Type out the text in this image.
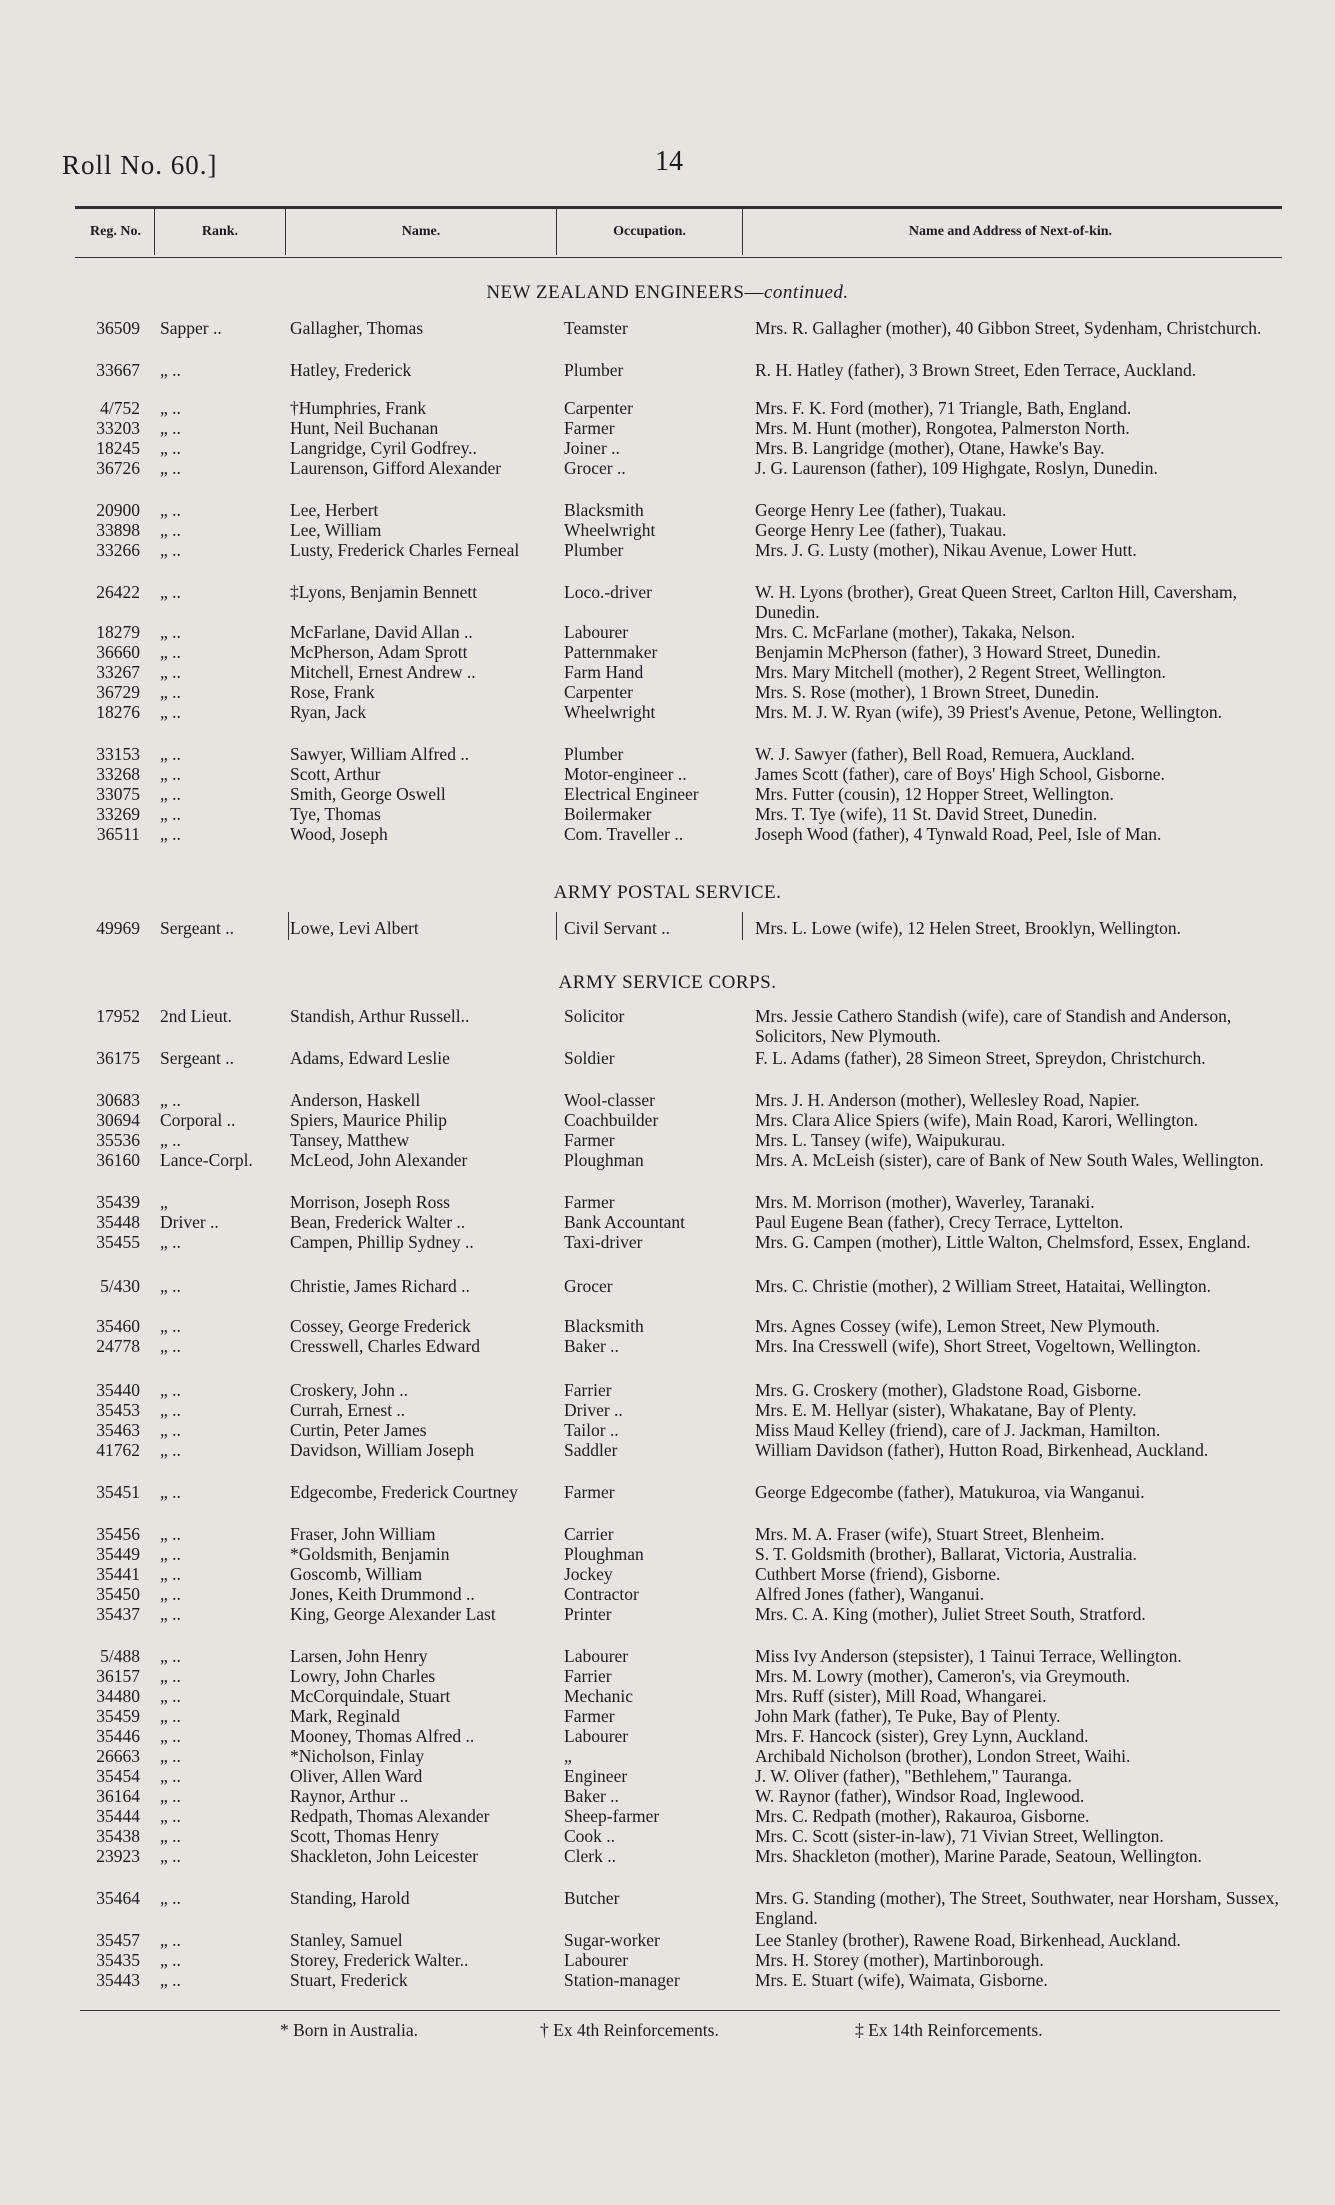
Roll No. 60.]	14
Reg. No.	Rank.	Name.	Occupation.	Name and Address of Next-of-kin.
NEW ZEALAND ENGINEERS—continued.
ARMY POSTAL SERVICE.
ARMY SERVICE CORPS.
36509 Sapper ..	Gallagher, Thomas	Teamster	Mrs. R. Gallagher (mother), 40 Gibbon Street, Sydenham, Christchurch.
33667 „ ..	Hatley, Frederick	Plumber	R. H. Hatley (father), 3 Brown Street, Eden Terrace, Auckland.
4/752 „ ..	†Humphries, Frank	Carpenter	Mrs. F. K. Ford (mother), 71 Triangle, Bath, England.
33203 „ ..	Hunt, Neil Buchanan	Farmer	Mrs. M. Hunt (mother), Rongotea, Palmerston North.
18245 „ ..	Langridge, Cyril Godfrey..	Joiner ..	Mrs. B. Langridge (mother), Otane, Hawke's Bay.
36726 „ ..	Laurenson, Gifford Alexander	Grocer ..	J. G. Laurenson (father), 109 Highgate, Roslyn, Dunedin.
20900 „ ..	Lee, Herbert	Blacksmith	George Henry Lee (father), Tuakau.
33898 „ ..	Lee, William	Wheelwright	George Henry Lee (father), Tuakau.
33266 „ ..	Lusty, Frederick Charles Ferneal	Plumber	Mrs. J. G. Lusty (mother), Nikau Avenue, Lower Hutt.
26422 „ ..	‡Lyons, Benjamin Bennett	Loco.-driver	W. H. Lyons (brother), Great Queen Street, Carlton Hill, Caversham, Dunedin.
18279 „ ..	McFarlane, David Allan ..	Labourer	Mrs. C. McFarlane (mother), Takaka, Nelson.
36660 „ ..	McPherson, Adam Sprott	Patternmaker	Benjamin McPherson (father), 3 Howard Street, Dunedin.
33267 „ ..	Mitchell, Ernest Andrew ..	Farm Hand	Mrs. Mary Mitchell (mother), 2 Regent Street, Wellington.
36729 „ ..	Rose, Frank	Carpenter	Mrs. S. Rose (mother), 1 Brown Street, Dunedin.
18276 „ ..	Ryan, Jack	Wheelwright	Mrs. M. J. W. Ryan (wife), 39 Priest's Avenue, Petone, Wellington.
33153 „ ..	Sawyer, William Alfred ..	Plumber	W. J. Sawyer (father), Bell Road, Remuera, Auckland.
33268 „ ..	Scott, Arthur	Motor-engineer ..	James Scott (father), care of Boys' High School, Gisborne.
33075 „ ..	Smith, George Oswell	Electrical Engineer	Mrs. Futter (cousin), 12 Hopper Street, Wellington.
33269 „ ..	Tye, Thomas	Boilermaker	Mrs. T. Tye (wife), 11 St. David Street, Dunedin.
36511 „ ..	Wood, Joseph	Com. Traveller ..	Joseph Wood (father), 4 Tynwald Road, Peel, Isle of Man.
49969 Sergeant ..	Lowe, Levi Albert	Civil Servant ..	Mrs. L. Lowe (wife), 12 Helen Street, Brooklyn, Wellington.
17952 2nd Lieut.	Standish, Arthur Russell..	Solicitor	Mrs. Jessie Cathero Standish (wife), care of Standish and Anderson, Solicitors, New Plymouth.
36175 Sergeant ..	Adams, Edward Leslie	Soldier	F. L. Adams (father), 28 Simeon Street, Spreydon, Christchurch.
30683 „ ..	Anderson, Haskell	Wool-classer	Mrs. J. H. Anderson (mother), Wellesley Road, Napier.
30694 Corporal ..	Spiers, Maurice Philip	Coachbuilder	Mrs. Clara Alice Spiers (wife), Main Road, Karori, Wellington.
35536 „ ..	Tansey, Matthew	Farmer	Mrs. L. Tansey (wife), Waipukurau.
36160 Lance-Corpl.	McLeod, John Alexander	Ploughman	Mrs. A. McLeish (sister), care of Bank of New South Wales, Wellington.
35439 „	Morrison, Joseph Ross	Farmer	Mrs. M. Morrison (mother), Waverley, Taranaki.
35448 Driver ..	Bean, Frederick Walter ..	Bank Accountant	Paul Eugene Bean (father), Crecy Terrace, Lyttelton.
35455 „ ..	Campen, Phillip Sydney ..	Taxi-driver	Mrs. G. Campen (mother), Little Walton, Chelmsford, Essex, England.
5/430 „ ..	Christie, James Richard ..	Grocer	Mrs. C. Christie (mother), 2 William Street, Hataitai, Wellington.
35460 „ ..	Cossey, George Frederick	Blacksmith	Mrs. Agnes Cossey (wife), Lemon Street, New Plymouth.
24778 „ ..	Cresswell, Charles Edward	Baker ..	Mrs. Ina Cresswell (wife), Short Street, Vogeltown, Wellington.
35440 „ ..	Croskery, John ..	Farrier	Mrs. G. Croskery (mother), Gladstone Road, Gisborne.
35453 „ ..	Currah, Ernest ..	Driver ..	Mrs. E. M. Hellyar (sister), Whakatane, Bay of Plenty.
35463 „ ..	Curtin, Peter James	Tailor ..	Miss Maud Kelley (friend), care of J. Jackman, Hamilton.
41762 „ ..	Davidson, William Joseph	Saddler	William Davidson (father), Hutton Road, Birkenhead, Auckland.
35451 „ ..	Edgecombe, Frederick Courtney	Farmer	George Edgecombe (father), Matukuroa, via Wanganui.
35456 „ ..	Fraser, John William	Carrier	Mrs. M. A. Fraser (wife), Stuart Street, Blenheim.
35449 „ ..	*Goldsmith, Benjamin	Ploughman	S. T. Goldsmith (brother), Ballarat, Victoria, Australia.
35441 „ ..	Goscomb, William	Jockey	Cuthbert Morse (friend), Gisborne.
35450 „ ..	Jones, Keith Drummond ..	Contractor	Alfred Jones (father), Wanganui.
35437 „ ..	King, George Alexander Last	Printer	Mrs. C. A. King (mother), Juliet Street South, Stratford.
5/488 „ ..	Larsen, John Henry	Labourer	Miss Ivy Anderson (stepsister), 1 Tainui Terrace, Wellington.
36157 „ ..	Lowry, John Charles	Farrier	Mrs. M. Lowry (mother), Cameron's, via Greymouth.
34480 „ ..	McCorquindale, Stuart	Mechanic	Mrs. Ruff (sister), Mill Road, Whangarei.
35459 „ ..	Mark, Reginald	Farmer	John Mark (father), Te Puke, Bay of Plenty.
35446 „ ..	Mooney, Thomas Alfred ..	Labourer	Mrs. F. Hancock (sister), Grey Lynn, Auckland.
26663 „ ..	*Nicholson, Finlay	„	Archibald Nicholson (brother), London Street, Waihi.
35454 „ ..	Oliver, Allen Ward	Engineer	J. W. Oliver (father), "Bethlehem," Tauranga.
36164 „ ..	Raynor, Arthur ..	Baker ..	W. Raynor (father), Windsor Road, Inglewood.
35444 „ ..	Redpath, Thomas Alexander	Sheep-farmer	Mrs. C. Redpath (mother), Rakauroa, Gisborne.
35438 „ ..	Scott, Thomas Henry	Cook ..	Mrs. C. Scott (sister-in-law), 71 Vivian Street, Wellington.
23923 „ ..	Shackleton, John Leicester	Clerk ..	Mrs. Shackleton (mother), Marine Parade, Seatoun, Wellington.
35464 „ ..	Standing, Harold	Butcher	Mrs. G. Standing (mother), The Street, Southwater, near Horsham, Sussex, England.
35457 „ ..	Stanley, Samuel	Sugar-worker	Lee Stanley (brother), Rawene Road, Birkenhead, Auckland.
35435 „ ..	Storey, Frederick Walter..	Labourer	Mrs. H. Storey (mother), Martinborough.
35443 „ ..	Stuart, Frederick	Station-manager	Mrs. E. Stuart (wife), Waimata, Gisborne.
* Born in Australia.	† Ex 4th Reinforcements.	‡ Ex 14th Reinforcements.
